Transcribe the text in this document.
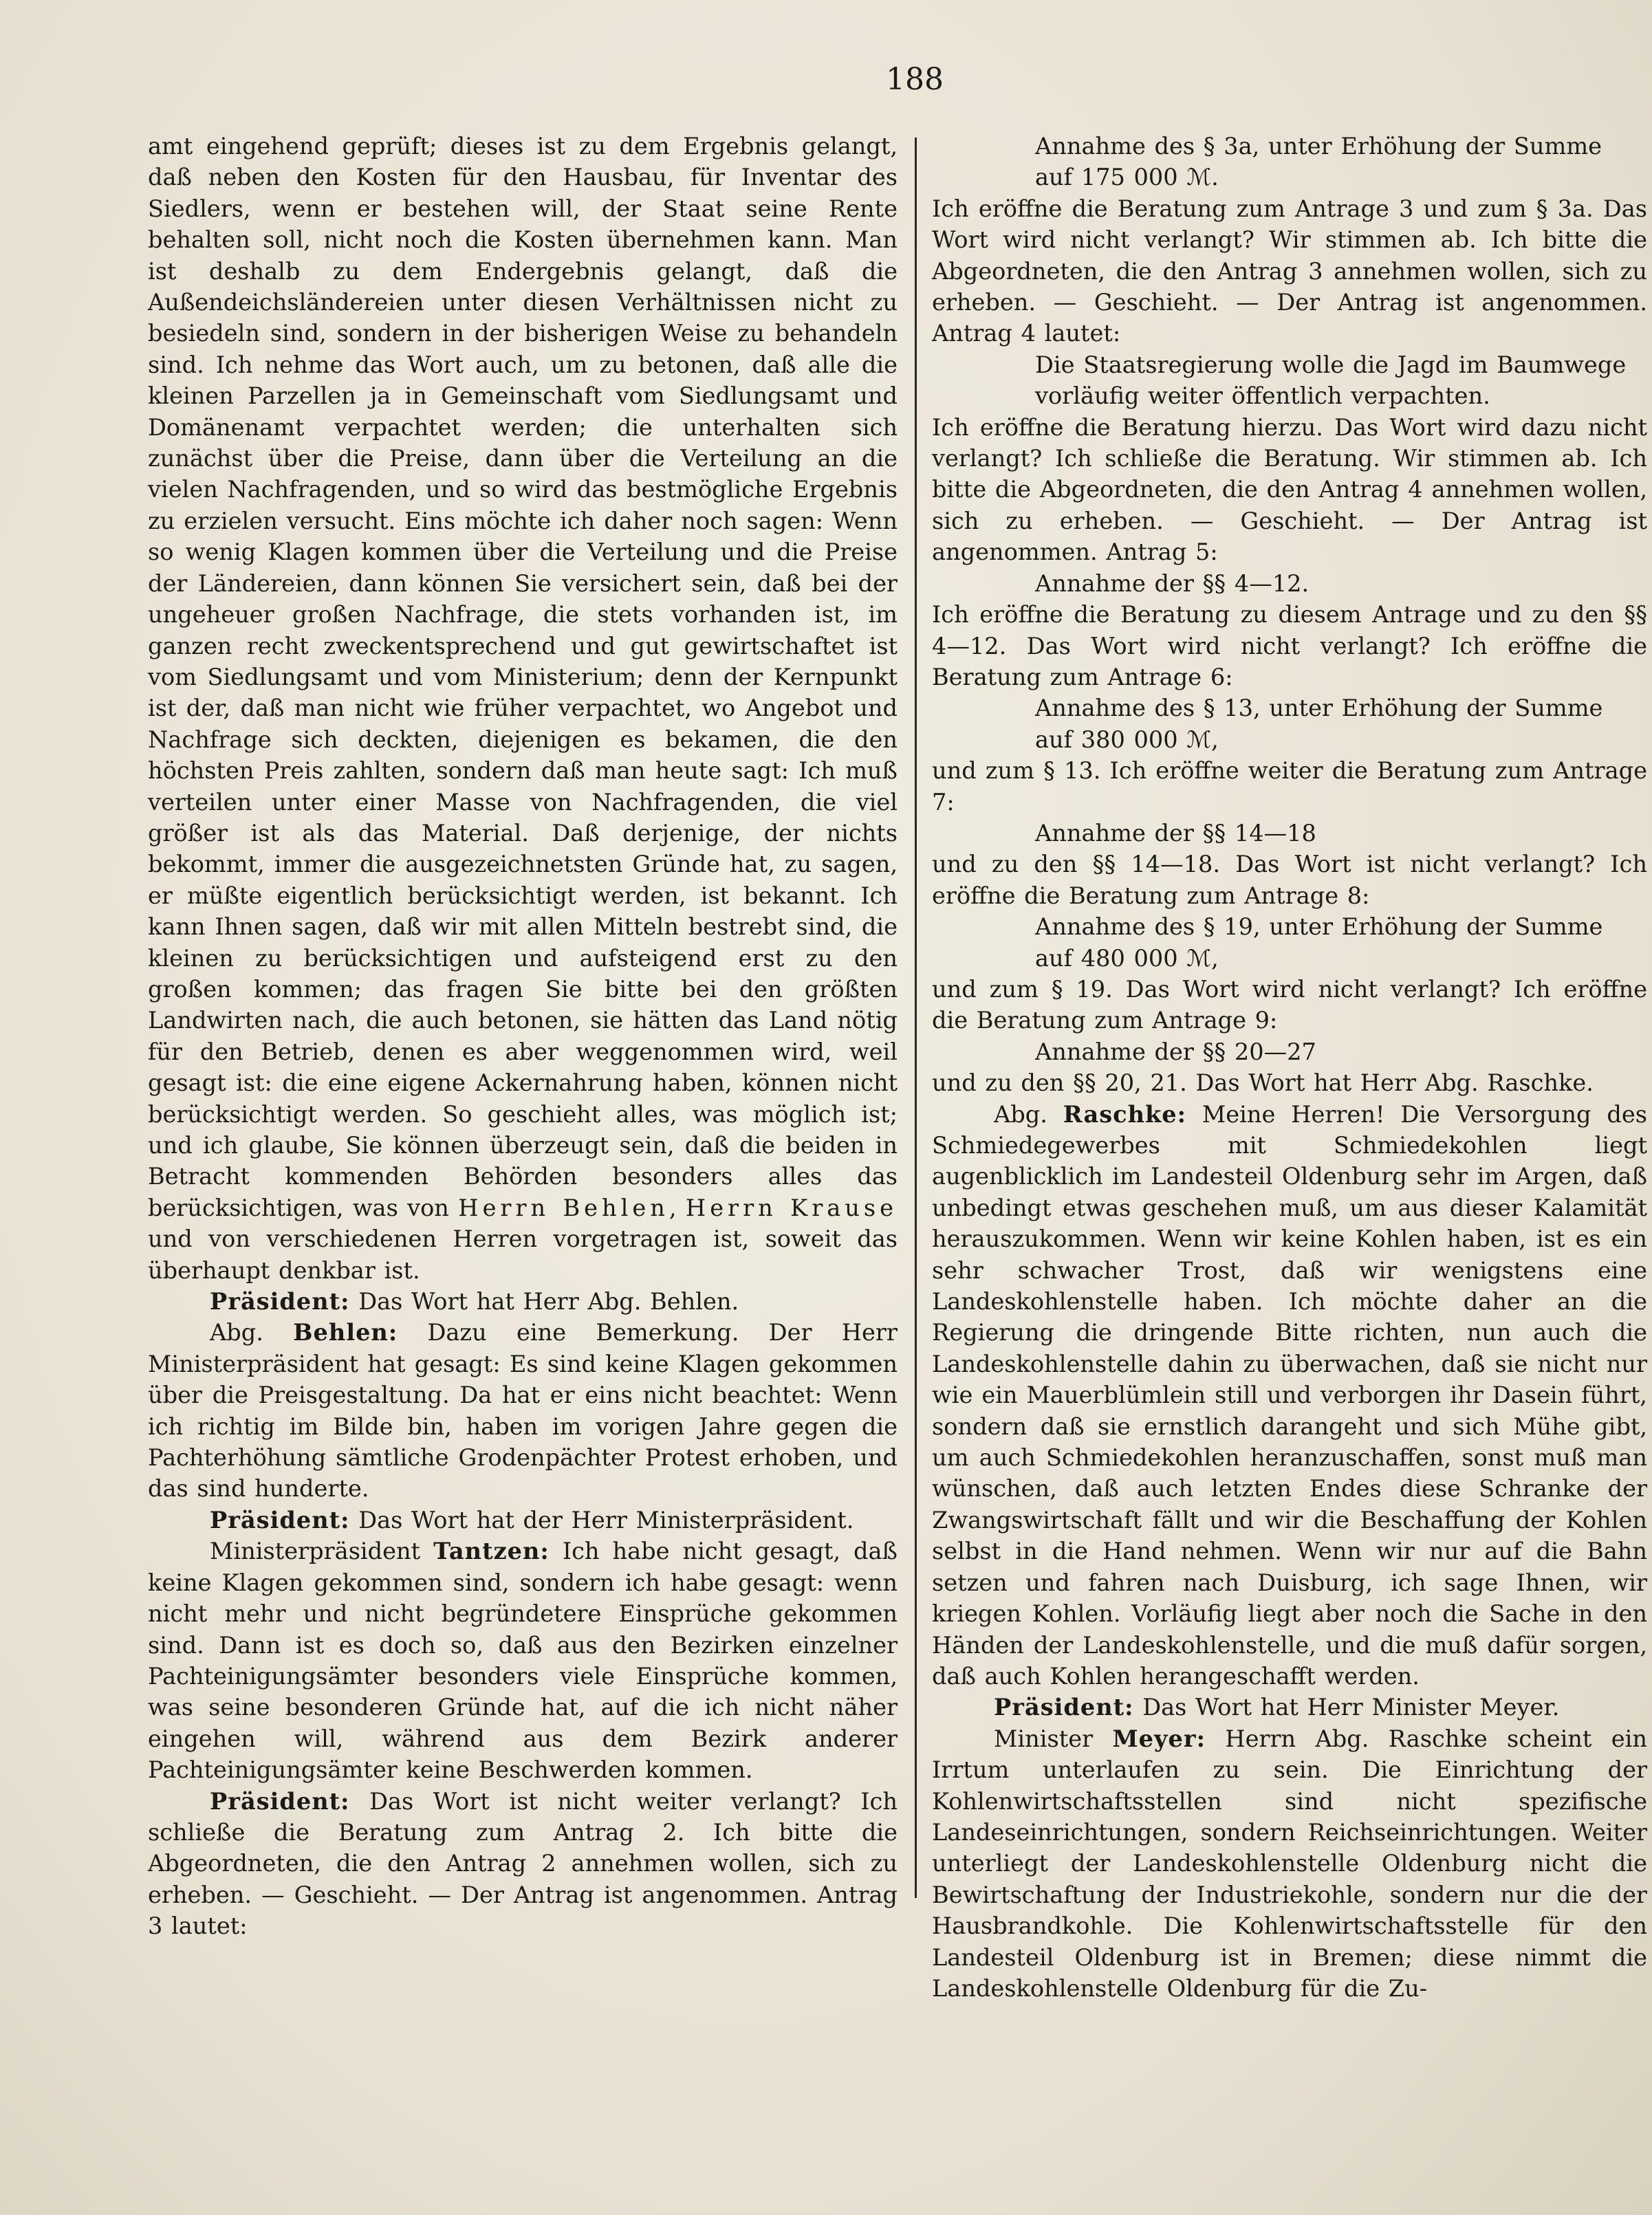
188

amt eingehend geprüft; dieses ist zu dem Ergebnis gelangt, daß neben den Kosten für den Hausbau, für Inventar des Siedlers, wenn er bestehen will, der Staat seine Rente behalten soll, nicht noch die Kosten übernehmen kann. Man ist deshalb zu dem Endergebnis gelangt, daß die Außendeichsländereien unter diesen Verhältnissen nicht zu besiedeln sind, sondern in der bisherigen Weise zu behandeln sind. Ich nehme das Wort auch, um zu betonen, daß alle die kleinen Parzellen ja in Gemeinschaft vom Siedlungsamt und Domänenamt verpachtet werden; die unterhalten sich zunächst über die Preise, dann über die Verteilung an die vielen Nachfragenden, und so wird das bestmögliche Ergebnis zu erzielen versucht. Eins möchte ich daher noch sagen: Wenn so wenig Klagen kommen über die Verteilung und die Preise der Ländereien, dann können Sie versichert sein, daß bei der ungeheuer großen Nachfrage, die stets vorhanden ist, im ganzen recht zweckentsprechend und gut gewirtschaftet ist vom Siedlungsamt und vom Ministerium; denn der Kernpunkt ist der, daß man nicht wie früher verpachtet, wo Angebot und Nachfrage sich deckten, diejenigen es bekamen, die den höchsten Preis zahlten, sondern daß man heute sagt: Ich muß verteilen unter einer Masse von Nachfragenden, die viel größer ist als das Material. Daß derjenige, der nichts bekommt, immer die ausgezeichnetsten Gründe hat, zu sagen, er müßte eigentlich berücksichtigt werden, ist bekannt. Ich kann Ihnen sagen, daß wir mit allen Mitteln bestrebt sind, die kleinen zu berücksichtigen und aufsteigend erst zu den großen kommen; das fragen Sie bitte bei den größten Landwirten nach, die auch betonen, sie hätten das Land nötig für den Betrieb, denen es aber weggenommen wird, weil gesagt ist: die eine eigene Ackernahrung haben, können nicht berücksichtigt werden. So geschieht alles, was möglich ist; und ich glaube, Sie können überzeugt sein, daß die beiden in Betracht kommenden Behörden besonders alles das berücksichtigen, was von Herrn Behlen, Herrn Krause und von verschiedenen Herren vorgetragen ist, soweit das überhaupt denkbar ist.

Präsident: Das Wort hat Herr Abg. Behlen.

Abg. Behlen: Dazu eine Bemerkung. Der Herr Ministerpräsident hat gesagt: Es sind keine Klagen gekommen über die Preisgestaltung. Da hat er eins nicht beachtet: Wenn ich richtig im Bilde bin, haben im vorigen Jahre gegen die Pachterhöhung sämtliche Grodenpächter Protest erhoben, und das sind hunderte.

Präsident: Das Wort hat der Herr Ministerpräsident.

Ministerpräsident Tantzen: Ich habe nicht gesagt, daß keine Klagen gekommen sind, sondern ich habe gesagt: wenn nicht mehr und nicht begründetere Einsprüche gekommen sind. Dann ist es doch so, daß aus den Bezirken einzelner Pachteinigungsämter besonders viele Einsprüche kommen, was seine besonderen Gründe hat, auf die ich nicht näher eingehen will, während aus dem Bezirk anderer Pachteinigungsämter keine Beschwerden kommen.

Präsident: Das Wort ist nicht weiter verlangt? Ich schließe die Beratung zum Antrag 2. Ich bitte die Abgeordneten, die den Antrag 2 annehmen wollen, sich zu erheben. — Geschieht. — Der Antrag ist angenommen. Antrag 3 lautet:

Annahme des § 3a, unter Erhöhung der Summe

auf 175 000 ℳ.

Ich eröffne die Beratung zum Antrage 3 und zum § 3a. Das Wort wird nicht verlangt? Wir stimmen ab. Ich bitte die Abgeordneten, die den Antrag 3 annehmen wollen, sich zu erheben. — Geschieht. — Der Antrag ist angenommen. Antrag 4 lautet:

Die Staatsregierung wolle die Jagd im Baumwege

vorläufig weiter öffentlich verpachten.

Ich eröffne die Beratung hierzu. Das Wort wird dazu nicht verlangt? Ich schließe die Beratung. Wir stimmen ab. Ich bitte die Abgeordneten, die den Antrag 4 annehmen wollen, sich zu erheben. — Geschieht. — Der Antrag ist angenommen. Antrag 5:

Annahme der §§ 4—12.

Ich eröffne die Beratung zu diesem Antrage und zu den §§ 4—12. Das Wort wird nicht verlangt? Ich eröffne die Beratung zum Antrage 6:

Annahme des § 13, unter Erhöhung der Summe

auf 380 000 ℳ,

und zum § 13. Ich eröffne weiter die Beratung zum Antrage 7:

Annahme der §§ 14—18

und zu den §§ 14—18. Das Wort ist nicht verlangt? Ich eröffne die Beratung zum Antrage 8:

Annahme des § 19, unter Erhöhung der Summe

auf 480 000 ℳ,

und zum § 19. Das Wort wird nicht verlangt? Ich eröffne die Beratung zum Antrage 9:

Annahme der §§ 20—27

und zu den §§ 20, 21. Das Wort hat Herr Abg. Raschke.

Abg. Raschke: Meine Herren! Die Versorgung des Schmiedegewerbes mit Schmiedekohlen liegt augenblicklich im Landesteil Oldenburg sehr im Argen, daß unbedingt etwas geschehen muß, um aus dieser Kalamität herauszukommen. Wenn wir keine Kohlen haben, ist es ein sehr schwacher Trost, daß wir wenigstens eine Landeskohlenstelle haben. Ich möchte daher an die Regierung die dringende Bitte richten, nun auch die Landeskohlenstelle dahin zu überwachen, daß sie nicht nur wie ein Mauerblümlein still und verborgen ihr Dasein führt, sondern daß sie ernstlich darangeht und sich Mühe gibt, um auch Schmiedekohlen heranzuschaffen, sonst muß man wünschen, daß auch letzten Endes diese Schranke der Zwangswirtschaft fällt und wir die Beschaffung der Kohlen selbst in die Hand nehmen. Wenn wir nur auf die Bahn setzen und fahren nach Duisburg, ich sage Ihnen, wir kriegen Kohlen. Vorläufig liegt aber noch die Sache in den Händen der Landeskohlenstelle, und die muß dafür sorgen, daß auch Kohlen herangeschafft werden.

Präsident: Das Wort hat Herr Minister Meyer.

Minister Meyer: Herrn Abg. Raschke scheint ein Irrtum unterlaufen zu sein. Die Einrichtung der Kohlenwirtschaftsstellen sind nicht spezifische Landeseinrichtungen, sondern Reichseinrichtungen. Weiter unterliegt der Landeskohlenstelle Oldenburg nicht die Bewirtschaftung der Industriekohle, sondern nur die der Hausbrandkohle. Die Kohlenwirtschaftsstelle für den Landesteil Oldenburg ist in Bremen; diese nimmt die Landeskohlenstelle Oldenburg für die Zu-
